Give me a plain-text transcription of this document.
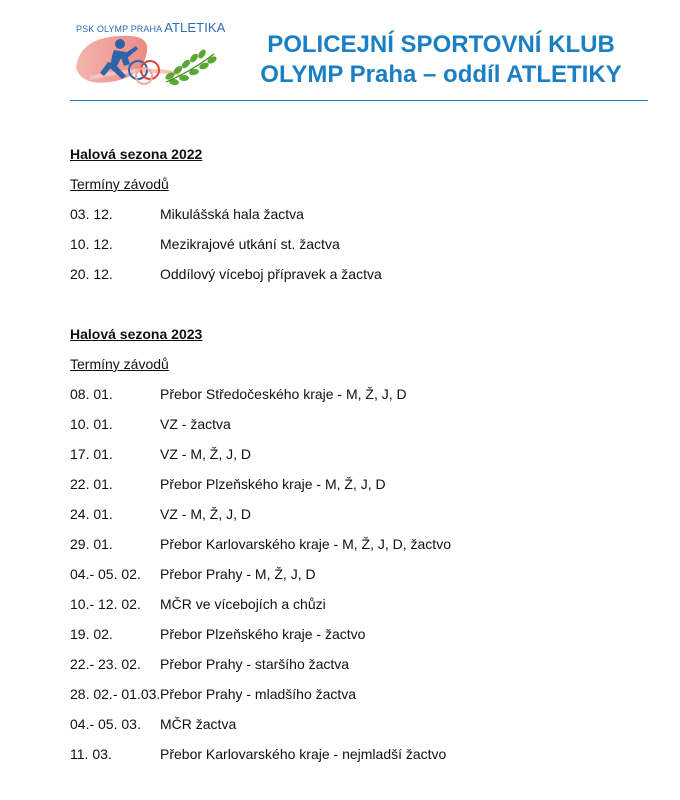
PSK OLYMP PRAHA ATLETIKA
POLICEJNÍ SPORTOVNÍ KLUB
OLYMP Praha – oddíl ATLETIKY
Halová sezona 2022
Termíny závodů
03. 12.	Mikulášská hala žactva
10. 12.	Mezikrajové utkání st. žactva
20. 12.	Oddílový víceboj přípravek a žactva
Halová sezona 2023
Termíny závodů
08. 01.	Přebor Středočeského kraje - M, Ž, J, D
10. 01.	VZ - žactva
17. 01.	VZ - M, Ž, J, D
22. 01.	Přebor Plzeňského kraje - M, Ž, J, D
24. 01.	VZ - M, Ž, J, D
29. 01.	Přebor Karlovarského kraje - M, Ž, J, D, žactvo
04.- 05. 02. Přebor Prahy - M, Ž, J, D
10.- 12. 02. MČR ve vícebojích a chůzi
19. 02.	Přebor Plzeňského kraje - žactvo
22.- 23. 02. Přebor Prahy - staršího žactva
28. 02.- 01.03. Přebor Prahy - mladšího žactva
04.- 05. 03. MČR žactva
11. 03.	Přebor Karlovarského kraje - nejmladší žactvo
